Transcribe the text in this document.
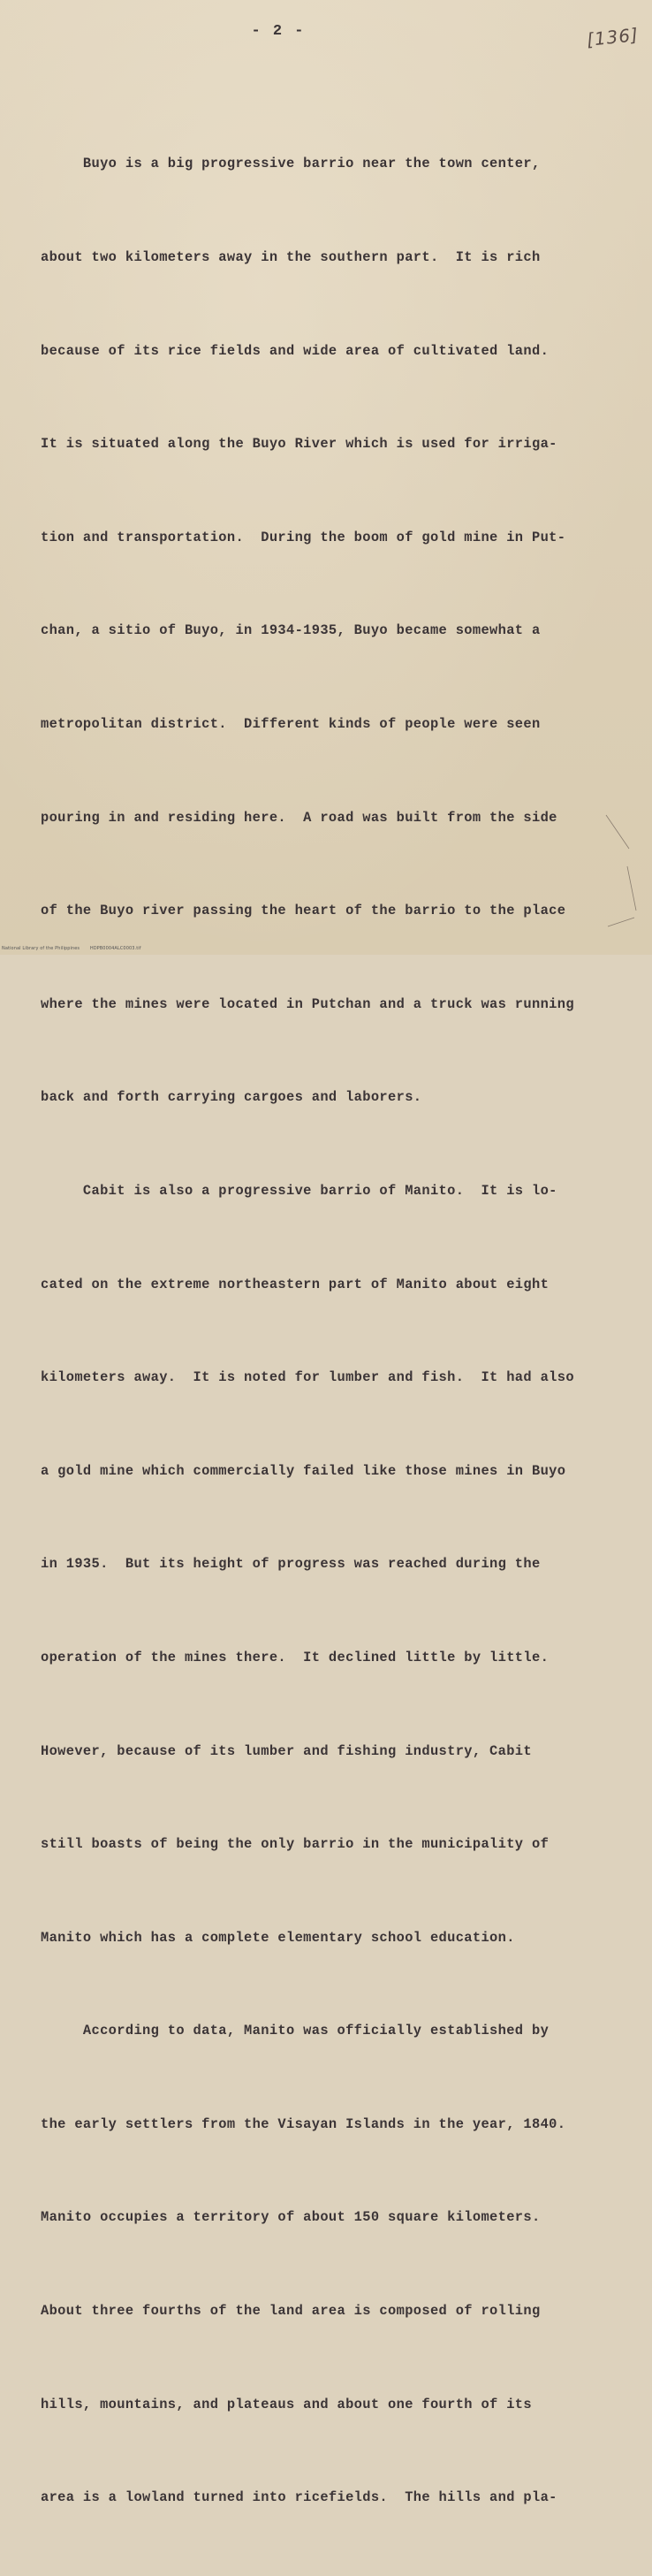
- 2 -	[136]

Buyo is a big progressive barrio near the town center,

about two kilometers away in the southern part.  It is rich

because of its rice fields and wide area of cultivated land.

It is situated along the Buyo River which is used for irriga-

tion and transportation.  During the boom of gold mine in Put-

chan, a sitio of Buyo, in 1934-1935, Buyo became somewhat a

metropolitan district.  Different kinds of people were seen

pouring in and residing here.  A road was built from the side

of the Buyo river passing the heart of the barrio to the place

where the mines were located in Putchan and a truck was running

back and forth carrying cargoes and laborers.

Cabit is also a progressive barrio of Manito.  It is lo-

cated on the extreme northeastern part of Manito about eight

kilometers away.  It is noted for lumber and fish.  It had also

a gold mine which commercially failed like those mines in Buyo

in 1935.  But its height of progress was reached during the

operation of the mines there.  It declined little by little.

However, because of its lumber and fishing industry, Cabit

still boasts of being the only barrio in the municipality of

Manito which has a complete elementary school education.

According to data, Manito was officially established by

the early settlers from the Visayan Islands in the year, 1840.

Manito occupies a territory of about 150 square kilometers.

About three fourths of the land area is composed of rolling

hills, mountains, and plateaus and about one fourth of its

area is a lowland turned into ricefields.  The hills and pla-

National Library of the Philippines HDPB0004ALC0003.tif
